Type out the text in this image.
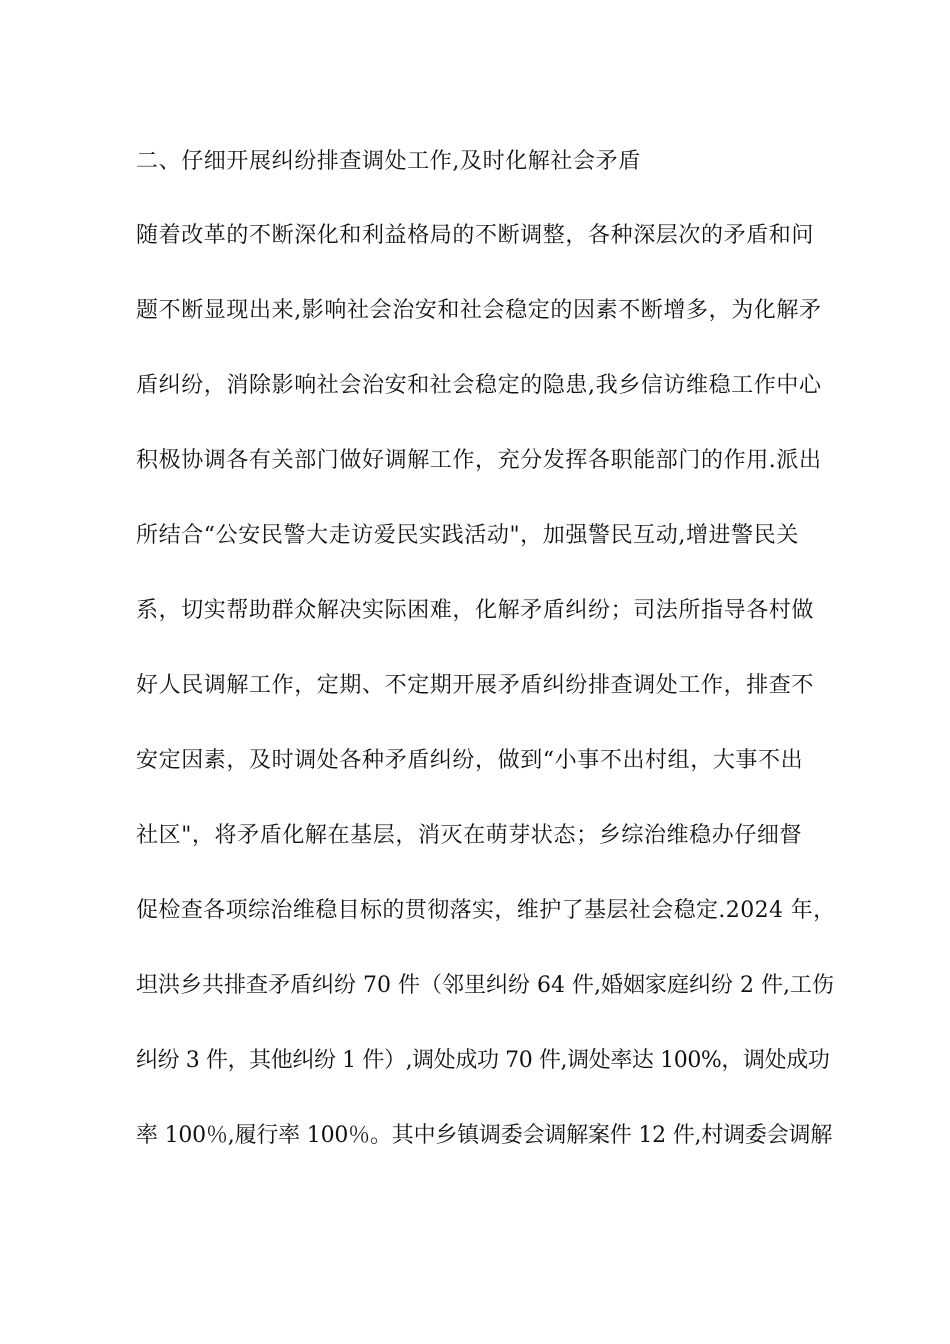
二、仔细开展纠纷排查调处工作,及时化解社会矛盾
随着改革的不断深化和利益格局的不断调整，各种深层次的矛盾和问
题不断显现出来,影响社会治安和社会稳定的因素不断增多，为化解矛
盾纠纷，消除影响社会治安和社会稳定的隐患,我乡信访维稳工作中心
积极协调各有关部门做好调解工作，充分发挥各职能部门的作用.派出
所结合“公安民警大走访爱民实践活动"，加强警民互动,增进警民关
系，切实帮助群众解决实际困难，化解矛盾纠纷；司法所指导各村做
好人民调解工作，定期、不定期开展矛盾纠纷排查调处工作，排查不
安定因素，及时调处各种矛盾纠纷，做到“小事不出村组，大事不出
社区"，将矛盾化解在基层，消灭在萌芽状态；乡综治维稳办仔细督
促检查各项综治维稳目标的贯彻落实，维护了基层社会稳定.2024 年，
坦洪乡共排查矛盾纠纷 70 件（邻里纠纷 64 件,婚姻家庭纠纷 2 件,工伤
纠纷 3 件，其他纠纷 1 件）,调处成功 70 件,调处率达 100%，调处成功
率 100％,履行率 100％。其中乡镇调委会调解案件 12 件,村调委会调解
